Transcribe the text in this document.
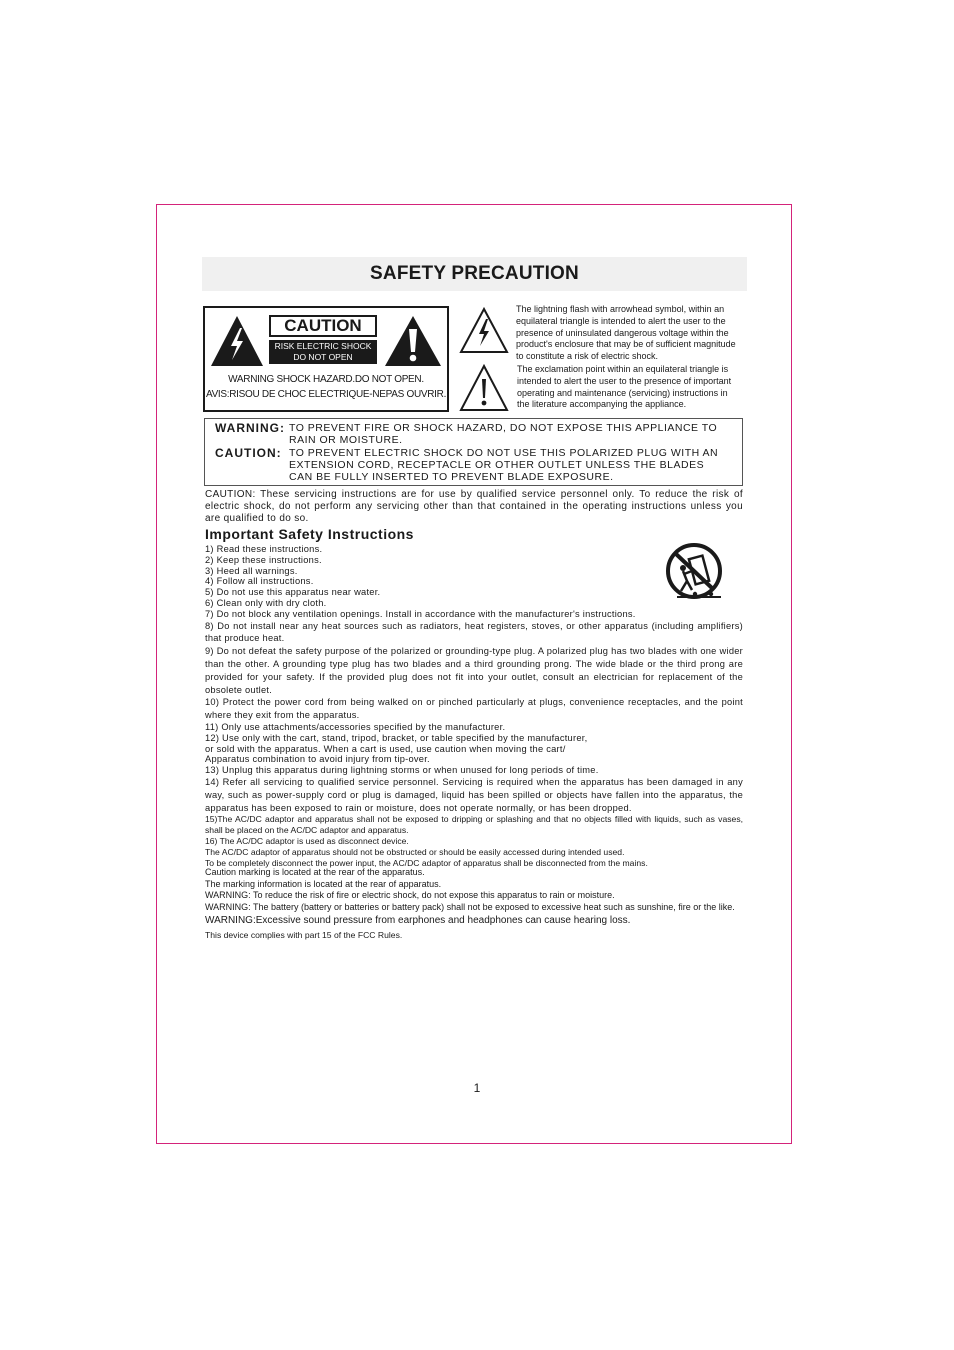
SAFETY PRECAUTION
CAUTION
RISK ELECTRIC SHOCK
DO NOT OPEN
WARNING SHOCK HAZARD.DO NOT OPEN.
AVIS:RISOU DE CHOC ELECTRIQUE-NEPAS OUVRIR.
The lightning flash with arrowhead symbol, within an
equilateral triangle is intended to alert the user to the
presence of uninsulated dangerous voltage within the
product's enclosure that may be of sufficient magnitude
to constitute a risk of electric shock.
The exclamation point within an equilateral triangle is
intended to alert the user to the presence of important
operating and maintenance (servicing) instructions in
the literature accompanying the appliance.
WARNING: TO PREVENT FIRE OR SHOCK HAZARD, DO NOT EXPOSE THIS APPLIANCE TO
RAIN OR MOISTURE.
CAUTION: TO PREVENT ELECTRIC SHOCK DO NOT USE THIS POLARIZED PLUG WITH AN
EXTENSION CORD, RECEPTACLE OR OTHER OUTLET UNLESS THE BLADES
CAN BE FULLY INSERTED TO PREVENT BLADE EXPOSURE.
CAUTION: These servicing instructions are for use by qualified service personnel only. To reduce the risk of electric shock, do not perform any servicing other than that contained in the operating instructions unless you are qualified to do so.
Important Safety Instructions

1) Read these instructions.

2) Keep these instructions.

3) Heed all warnings.

4) Follow all instructions.

5) Do not use this apparatus near water.

6) Clean only with dry cloth.

7) Do not block any ventilation openings. Install in accordance with the manufacturer's instructions.

8) Do not install near any heat sources such as radiators, heat registers, stoves, or other apparatus (including amplifiers) that produce heat.

9) Do not defeat the safety purpose of the polarized or grounding-type plug. A polarized plug has two blades with one wider than the other. A grounding type plug has two blades and a third grounding prong. The wide blade or the third prong are provided for your safety. If the provided plug does not fit into your outlet, consult an electrician for replacement of the obsolete outlet.

10) Protect the power cord from being walked on or pinched particularly at plugs, convenience receptacles, and the point where they exit from the apparatus.

11) Only use attachments/accessories specified by the manufacturer.

12) Use only with the cart, stand, tripod, bracket, or table specified by the manufacturer,

or sold with the apparatus. When a cart is used, use caution when moving the cart/

Apparatus combination to avoid injury from tip-over.

13) Unplug this apparatus during lightning storms or when unused for long periods of time.

14) Refer all servicing to qualified service personnel. Servicing is required when the apparatus has been damaged in any way, such as power-supply cord or plug is damaged, liquid has been spilled or objects have fallen into the apparatus, the apparatus has been exposed to rain or moisture, does not operate normally, or has been dropped.

15)The AC/DC adaptor and apparatus shall not be exposed to dripping or splashing and that no objects filled with liquids, such as vases, shall be placed on the AC/DC adaptor and apparatus.

16) The AC/DC adaptor is used as disconnect device.

The AC/DC adaptor of apparatus should not be obstructed or should be easily accessed during intended used.

To be completely disconnect the power input, the AC/DC adaptor of apparatus shall be disconnected from the mains.

Caution marking is located at the rear of the apparatus.

The marking information is located at the rear of apparatus.

WARNING: To reduce the risk of fire or electric shock, do not expose this apparatus to rain or moisture.

WARNING: The battery (battery or batteries or battery pack) shall not be exposed to excessive heat such as sunshine, fire or the like.

WARNING:Excessive sound pressure from earphones and headphones can cause hearing loss.

This device complies with part 15 of the FCC Rules.

1
